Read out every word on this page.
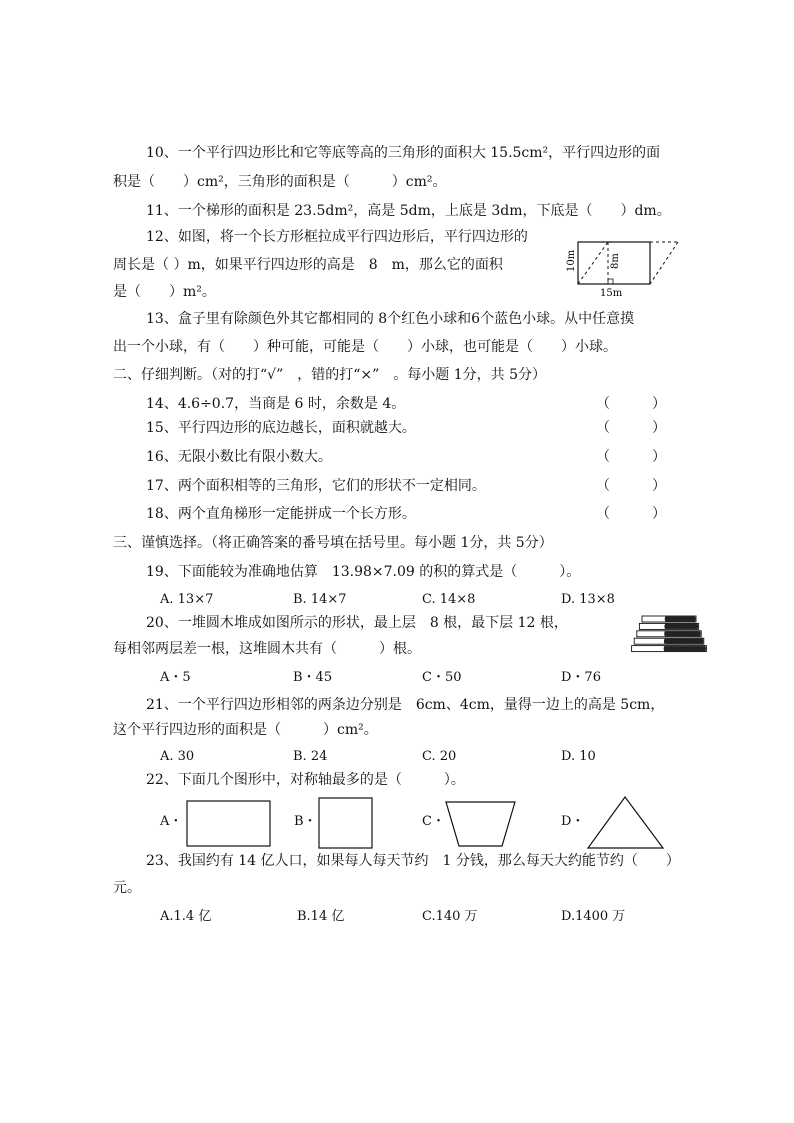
10、一个平行四边形比和它等底等高的三角形的面积大 15.5cm²，平行四边形的面
积是（　　）cm²，三角形的面积是（　　　）cm²。
11、一个梯形的面积是 23.5dm²，高是 5dm，上底是 3dm，下底是（　　）dm。
12、如图，将一个长方形框拉成平行四边形后，平行四边形的
周长是（ ）m，如果平行四边形的高是　8　m，那么它的面积
是（　　）m²。
10m	8m
15m
13、盒子里有除颜色外其它都相同的 8个红色小球和6个蓝色小球。从中任意摸
出一个小球，有（　　）种可能，可能是（　　）小球，也可能是（　　）小球。
二、仔细判断。（对的打“√”　，错的打“×”　。每小题 1分，共 5分）
14、4.6÷0.7，当商是 6 时，余数是 4。	（　　　）
15、平行四边形的底边越长，面积就越大。	（　　　）
16、无限小数比有限小数大。	（　　　）
17、两个面积相等的三角形，它们的形状不一定相同。	（　　　）
18、两个直角梯形一定能拼成一个长方形。	（　　　）
三、谨慎选择。（将正确答案的番号填在括号里。每小题 1分，共 5分）
19、下面能较为准确地估算　13.98×7.09 的积的算式是（　　　）。
A. 13×7	B. 14×7	C. 14×8	D. 13×8
20、一堆圆木堆成如图所示的形状，最上层　8 根，最下层 12 根，
每相邻两层差一根，这堆圆木共有（　　　）根。
A・5	B・45	C・50	D・76
21、一个平行四边形相邻的两条边分别是　6cm、4cm，量得一边上的高是 5cm，
这个平行四边形的面积是（　　　）cm²。
A. 30	B. 24	C. 20	D. 10
22、下面几个图形中，对称轴最多的是（　　　）。
A・	B・	C・	D・
23、我国约有 14 亿人口，如果每人每天节约　1 分钱，那么每天大约能节约（　　）
元。
A.1.4 亿	B.14 亿	C.140 万	D.1400 万
